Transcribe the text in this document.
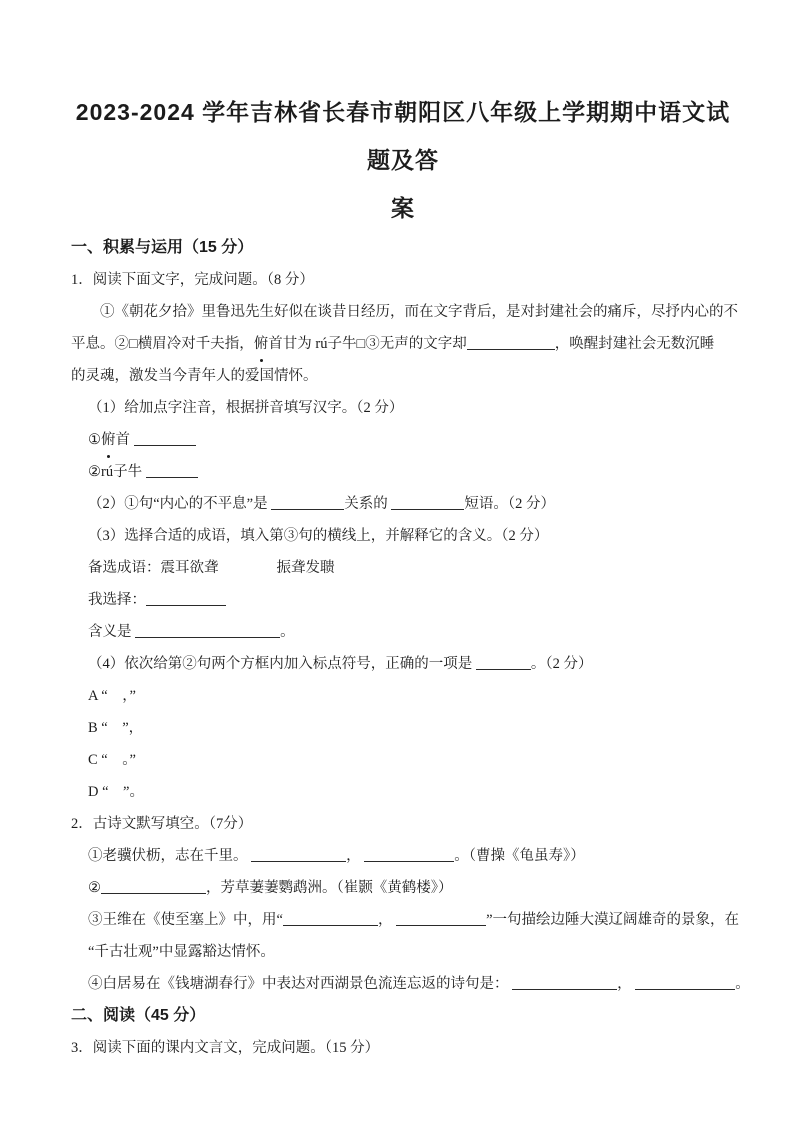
2023-2024 学年吉林省长春市朝阳区八年级上学期期中语文试题及答
案
一、积累与运用（15 分）
1．阅读下面文字，完成问题。（8 分）
①《朝花夕拾》里鲁迅先生好似在谈昔日经历，而在文字背后，是对封建社会的痛斥，尽抒内心的不
平息。②□横眉冷对千夫指，俯首甘为 rú子牛□③无声的文字却	，唤醒封建社会无数沉睡
的灵魂，激发当今青年人的爱国情怀。
（1）给加点字注音，根据拼音填写汉字。（2 分）
①俯首
②rú子牛
（2）①句“内心的不平息”是	关系的	短语。（2 分）
（3）选择合适的成语，填入第③句的横线上，并解释它的含义。（2 分）
备选成语：震耳欲聋	振聋发聩
我选择：
含义是	。
（4）依次给第②句两个方框内加入标点符号，正确的一项是	。（2 分）
A “　，”
B “　”，
C “　。”
D “　”。
2．古诗文默写填空。（7分）
①老骥伏枥，志在千里。	，	。（曹操《龟虽寿》）
②	，芳草萋萋鹦鹉洲。（崔颢《黄鹤楼》）
③王维在《使至塞上》中，用“	，	”一句描绘边陲大漠辽阔雄奇的景象，在
“千古壮观”中显露豁达情怀。
④白居易在《钱塘湖春行》中表达对西湖景色流连忘返的诗句是：	，	。
二、阅读（45 分）
3．阅读下面的课内文言文，完成问题。（15 分）
